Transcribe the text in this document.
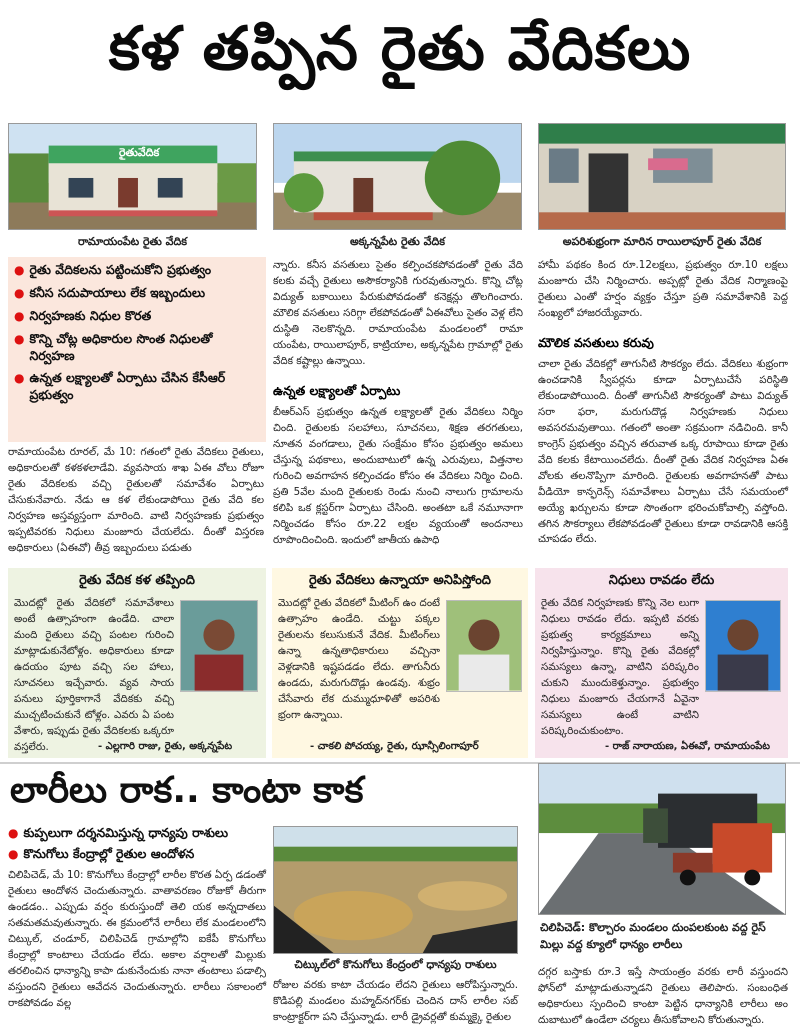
కళ తప్పిన రైతు వేదికలు
రైతువేదిక
రామాయంపేట రైతు వేదిక	అక్కన్నపేట రైతు వేదిక	అపరిశుభ్రంగా మారిన రాయిలాపూర్ రైతు వేదిక
● రైతు వేదికలను పట్టించుకోని ప్రభుత్వం
● కనీస సదుపాయాలు లేక ఇబ్బందులు
● నిర్వహణకు నిధుల కొరత
● కొన్ని చోట్ల అధికారుల సొంత నిధులతో నిర్వహణ
● ఉన్నత లక్ష్యాలతో ఏర్పాటు చేసిన కేసీఆర్ ప్రభుత్వం
రామాయంపేట రూరల్, మే 10: గతంలో రైతు వేదికలు రైతులు, అధికారులతో కళకళలాడేవి. వ్యవసాయ శాఖ ఏఈ వోలు రోజూ రైతు వేదికలకు వచ్చి రైతులతో సమావేశం ఏర్పాటు చేసుకునేవారు. నేడు ఆ కళ లేకుండాపోయి రైతు వేది కల నిర్వహణ అస్తవ్యస్తంగా మారింది. వాటి నిర్వహణకు ప్రభుత్వం ఇప్పటివరకు నిధులు మంజూరు చేయలేదు. దీంతో విస్తరణ అధికారులు (ఏఈవో) తీవ్ర ఇబ్బందులు పడుతు
న్నారు. కనీస వసతులు సైతం కల్పించకపోవడంతో రైతు వేది కలకు వచ్చే రైతులు అసౌకర్యానికి గురవుతున్నారు. కొన్ని చోట్ల విద్యుత్ బకాయిలు పేరుకుపోవడంతో కనెక్షన్లు తొలగించారు. మౌలిక వసతులు సరిగ్గా లేకపోవడంతో ఏఈవోలు సైతం వెళ్ల లేని దుస్థితి నెలకొన్నది. రామాయంపేట మండలంలో రామా యంపేట, రాయిలాపూర్, కాట్రియాల, అక్కన్నపేట గ్రామాల్లో రైతు వేదిక కష్టాల్లు ఉన్నాయి.
ఉన్నత లక్ష్యాలతో ఏర్పాటు
బీఆర్ఎస్ ప్రభుత్వం ఉన్నత లక్ష్యాలతో రైతు వేదికలు నిర్మిం చింది. రైతులకు సలహాలు, సూచనలు, శిక్షణ తరగతులు, నూతన వంగడాలు, రైతు సంక్షేమం కోసం ప్రభుత్వం అమలు చేస్తున్న పథకాలు, అందుబాటులో ఉన్న ఎరువులు, విత్తనాల గురించి అవగాహన కల్పించడం కోసం ఈ వేదికలు నిర్మిం చింది. ప్రతి 5వేల మంది రైతులకు రెండు నుంచి నాలుగు గ్రామాలను కలిపి ఒక క్లస్టర్‌గా ఏర్పాటు చేసింది. అంతటా ఒకే నమూనాగా నిర్మించడం కోసం రూ.22 లక్షల వ్యయంతో అందనాలు రూపొందించింది. ఇందులో జాతీయ ఉపాధి
హామీ పథకం కింద రూ.12లక్షలు, ప్రభుత్వం రూ.10 లక్షలు మంజూరు చేసి నిర్మించారు. అప్పట్లో రైతు వేదిక నిర్మాణంపై రైతులు ఎంతో హర్షం వ్యక్తం చేస్తూ ప్రతి సమావేశానికి పెద్ద సంఖ్యలో హాజరయ్యేవారు.
మౌలిక వసతులు కరువు
చాలా రైతు వేదికల్లో తాగునీటి సౌకర్యం లేదు. వేదికలు శుభ్రంగా ఉంచడానికి స్వీపర్లను కూడా ఏర్పాటుచేసే పరిస్థితి లేకుండాపోయింది. దీంతో తాగునీటి సౌకర్యంతో పాటు విద్యుత్ సరా ఫరా, మరుగుదొడ్ల నిర్వహణకు నిధులు అవసరమవుతాయి. గతంలో అంతా సక్రమంగా నడిచింది. కానీ కాంగ్రెస్ ప్రభుత్వం వచ్చిన తరువాత ఒక్క రూపాయి కూడా రైతు వేది కలకు కేటాయించలేదు. దీంతో రైతు వేదిక నిర్వహణ ఏఈ వోలకు తలనొప్పిగా మారింది. రైతులకు అవగాహనతో పాటు వీడియో కాన్ఫరెన్స్ సమావేశాలు ఏర్పాటు చేసే సమయంలో అయ్యే ఖర్చులను కూడా సొంతంగా భరించుకోవాల్సి వస్తోంది. తగిన సౌకర్యాలు లేకపోవడంతో రైతులు కూడా రావడానికి ఆసక్తి చూపడం లేదు.
రైతు వేదిక కళ తప్పింది
మొదట్లో రైతు వేదికలో సమావేశాలు అంటే ఉత్సాహంగా ఉండేది. చాలా మంది రైతులు వచ్చి పంటల గురించి మాట్లాడుకునేటోళ్లం. అధికారులు కూడా ఉదయం పూట వచ్చి సల హాలు, సూచనలు ఇచ్చేవారు. వ్యవ సాయ పనులు పూర్తికాగానే వేదికకు వచ్చి ముచ్చటించుకునే టోళ్లం. ఎవరు ఏ పంట వేశారు, ఇప్పుడు రైతు వేదికలకు ఒక్కరూ వస్తలేరు.	- ఎల్లగారి రాజు, రైతు, అక్కన్నపేట
రైతు వేదికలు ఉన్నాయా అనిపిస్తోంది
మొదట్లో రైతు వేదికలో మీటింగ్ ఉం దంటే ఉత్సాహం ఉండేది. చుట్టు పక్కల రైతులను కలుసుకునే వేదిక. మీటింగ్‌లు ఉన్నా ఉన్నతాధికారులు వచ్చినా వెళ్లడానికి ఇష్టపడడం లేదు. తాగునీరు ఉండదు, మరుగుదొడ్లు ఉండవు. శుభ్రం చేసేవారు లేక దుమ్ముధూళితో అపరిశు భ్రంగా ఉన్నాయి.
- చాకలి పోచయ్య, రైతు, ఝాన్సీలింగాపూర్
నిధులు రావడం లేదు
రైతు వేదిక నిర్వహణకు కొన్ని నెల లుగా నిధులు రావడం లేదు. ఇప్పటి వరకు ప్రభుత్వ కార్యక్రమాలు అన్ని నిర్వహిస్తున్నాం. కొన్ని రైతు వేదికల్లో సమస్యలు ఉన్నా, వాటిని పరిష్కరిం చుకుని ముందుకెళ్తున్నాం. ప్రభుత్వం నిధులు మంజూరు చేయగానే ఏవైనా సమస్యలు ఉంటే వాటిని పరిష్కరించుకుంటాం.
- రాజ్ నారాయణ, ఏఈవో, రామాయంపేట
లారీలు రాక.. కాంటా కాక
● కుప్పలుగా దర్శనమిస్తున్న ధాన్యపు రాశులు
● కొనుగోలు కేంద్రాల్లో రైతుల ఆందోళన
చిలిపిచెడ్, మే 10: కొనుగోలు కేంద్రాల్లో లారీల కొరత ఏర్ప డడంతో రైతులు ఆందోళన చెందుతున్నారు. వాతావరణం రోజుకో తీరుగా ఉండడం.. ఎప్పుడు వర్షం కురుస్తుందో తెలి యక అన్నదాతలు సతమతమవుతున్నారు. ఈ క్రమంలోనే లారీలు లేక మండలంలోని చిట్కుల్, చండూర్, చిలిపిచెడ్ గ్రామాల్లోని ఐకేపీ కొనుగోలు కేంద్రాల్లో కాంటాలు చేయడం లేదు. అకాల వర్షాలతో మిల్లుకు తరలించిన ధాన్యాన్ని కాపా డుకునేందుకు నానా తంటాలు పడాల్సి వస్తుందని రైతులు ఆవేదన చెందుతున్నారు. లారీలు సకాలంలో రాకపోవడం వల్ల
చిట్కుల్‌లో కొనుగోలు కేంద్రంలో ధాన్యపు రాశులు
రోజుల వరకు కాటా చేయడం లేదని రైతులు ఆరోపిస్తున్నారు. కొడిపల్లి మండలం మహ్మద్‌నగర్‌కు చెందిన దాస్ లారీల సబ్ కాంట్రాక్టర్‌గా పని చేస్తున్నాడు. లారీ డ్రైవర్లతో కుమ్మక్కై రైతుల
చిలిపిచెడ్: కొల్చారం మండలం దుంపలకుంట వద్ద రైస్ మిల్లు వద్ద క్యూలో ధాన్యం లారీలు
దగ్గర బస్తాకు రూ.3 ఇస్తే సాయంత్రం వరకు లారీ వస్తుందని ఫోన్‌లో మాట్లాడుతున్నాడని రైతులు తెలిపారు. సంబంధిత అధికారులు స్పందించి కాంటా పెట్టిన ధాన్యానికి లారీలు అం దుబాటులో ఉండేలా చర్యలు తీసుకోవాలని కోరుతున్నారు.
